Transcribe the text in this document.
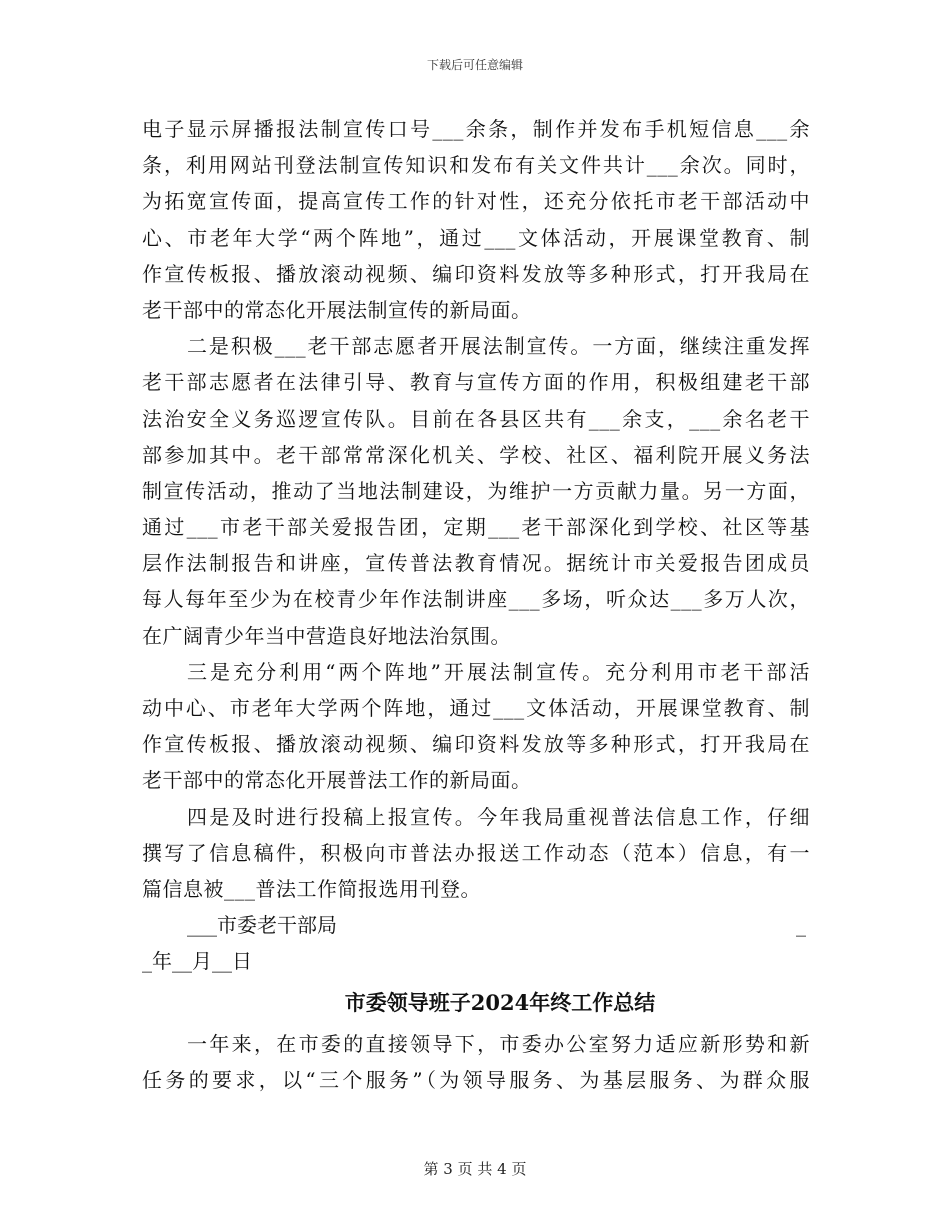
下载后可任意编辑
电子显示屏播报法制宣传口号___余条，制作并发布手机短信息___余
条，利用网站刊登法制宣传知识和发布有关文件共计___余次。同时，
为拓宽宣传面，提高宣传工作的针对性，还充分依托市老干部活动中
心、市老年大学“两个阵地”，通过___文体活动，开展课堂教育、制
作宣传板报、播放滚动视频、编印资料发放等多种形式，打开我局在
老干部中的常态化开展法制宣传的新局面。
二是积极___老干部志愿者开展法制宣传。一方面，继续注重发挥
老干部志愿者在法律引导、教育与宣传方面的作用，积极组建老干部
法治安全义务巡逻宣传队。目前在各县区共有___余支，___余名老干
部参加其中。老干部常常深化机关、学校、社区、福利院开展义务法
制宣传活动，推动了当地法制建设，为维护一方贡献力量。另一方面，
通过___市老干部关爱报告团，定期___老干部深化到学校、社区等基
层作法制报告和讲座，宣传普法教育情况。据统计市关爱报告团成员
每人每年至少为在校青少年作法制讲座___多场，听众达___多万人次，
在广阔青少年当中营造良好地法治氛围。
三是充分利用“两个阵地”开展法制宣传。充分利用市老干部活
动中心、市老年大学两个阵地，通过___文体活动，开展课堂教育、制
作宣传板报、播放滚动视频、编印资料发放等多种形式，打开我局在
老干部中的常态化开展普法工作的新局面。
四是及时进行投稿上报宣传。今年我局重视普法信息工作，仔细
撰写了信息稿件，积极向市普法办报送工作动态（范本）信息，有一
篇信息被___普法工作简报选用刊登。
___市委老干部局	_
_年__月__日
市委领导班子2024年终工作总结
一年来，在市委的直接领导下，市委办公室努力适应新形势和新
任务的要求，以“三个服务”（为领导服务、为基层服务、为群众服
第 3 页 共 4 页
